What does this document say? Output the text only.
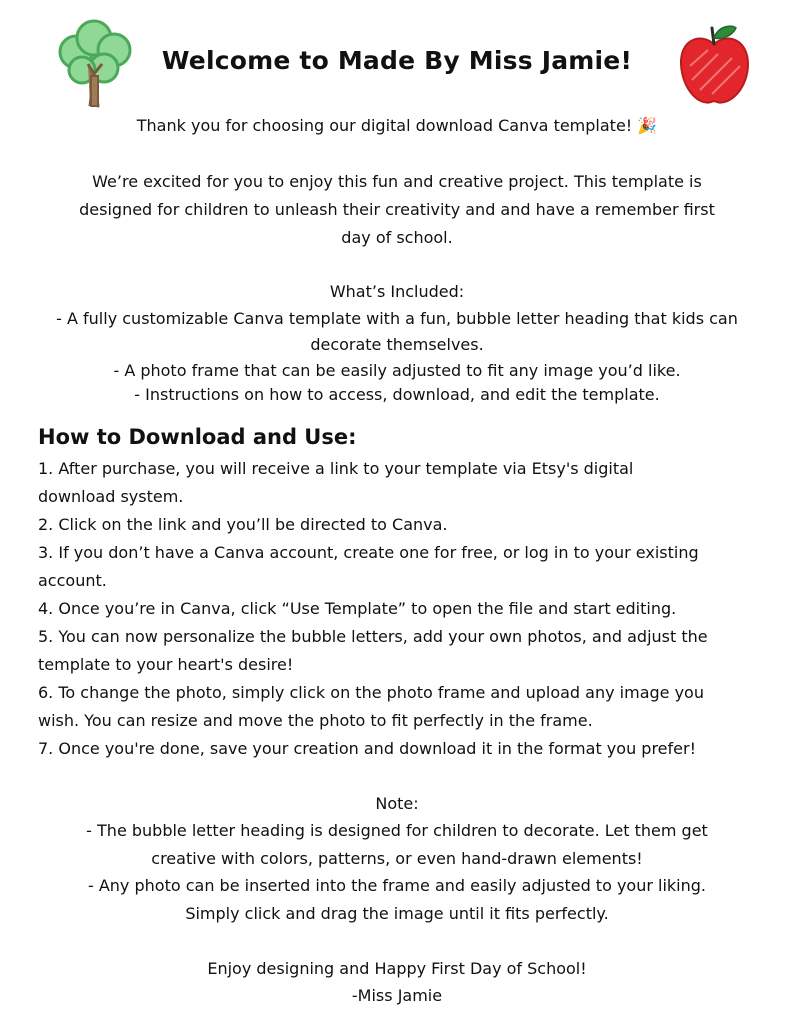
Welcome to Made By Miss Jamie!
Thank you for choosing our digital download Canva template! 🎉
We’re excited for you to enjoy this fun and creative project. This template is
designed for children to unleash their creativity and and have a remember first
day of school.
What’s Included:
- A fully customizable Canva template with a fun, bubble letter heading that kids can
decorate themselves.
- A photo frame that can be easily adjusted to fit any image you’d like.
- Instructions on how to access, download, and edit the template.
How to Download and Use:
1. After purchase, you will receive a link to your template via Etsy's digital
download system.
2. Click on the link and you’ll be directed to Canva.
3. If you don’t have a Canva account, create one for free, or log in to your existing
account.
4. Once you’re in Canva, click “Use Template” to open the file and start editing.
5. You can now personalize the bubble letters, add your own photos, and adjust the
template to your heart's desire!
6. To change the photo, simply click on the photo frame and upload any image you
wish. You can resize and move the photo to fit perfectly in the frame.
7. Once you're done, save your creation and download it in the format you prefer!
Note:
- The bubble letter heading is designed for children to decorate. Let them get
creative with colors, patterns, or even hand-drawn elements!
- Any photo can be inserted into the frame and easily adjusted to your liking.
Simply click and drag the image until it fits perfectly.
Enjoy designing and Happy First Day of School!
-Miss Jamie
